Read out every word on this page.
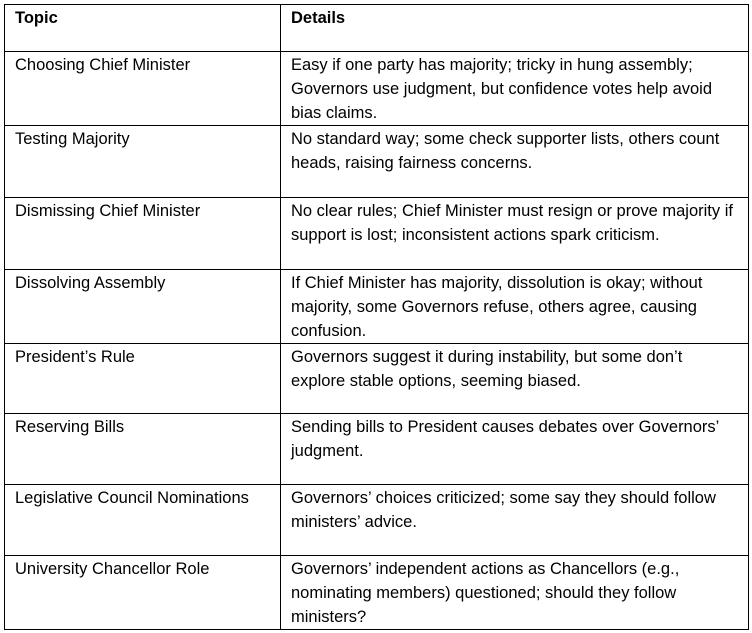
Topic	Details
Choosing Chief Minister	Easy if one party has majority; tricky in hung assembly; Governors use judgment, but confidence votes help avoid bias claims.
Testing Majority	No standard way; some check supporter lists, others count heads, raising fairness concerns.
Dismissing Chief Minister	No clear rules; Chief Minister must resign or prove majority if support is lost; inconsistent actions spark criticism.
Dissolving Assembly	If Chief Minister has majority, dissolution is okay; without majority, some Governors refuse, others agree, causing confusion.
President’s Rule	Governors suggest it during instability, but some don’t explore stable options, seeming biased.
Reserving Bills	Sending bills to President causes debates over Governors’ judgment.
Legislative Council Nominations	Governors’ choices criticized; some say they should follow ministers’ advice.
University Chancellor Role	Governors’ independent actions as Chancellors (e.g., nominating members) questioned; should they follow ministers?
